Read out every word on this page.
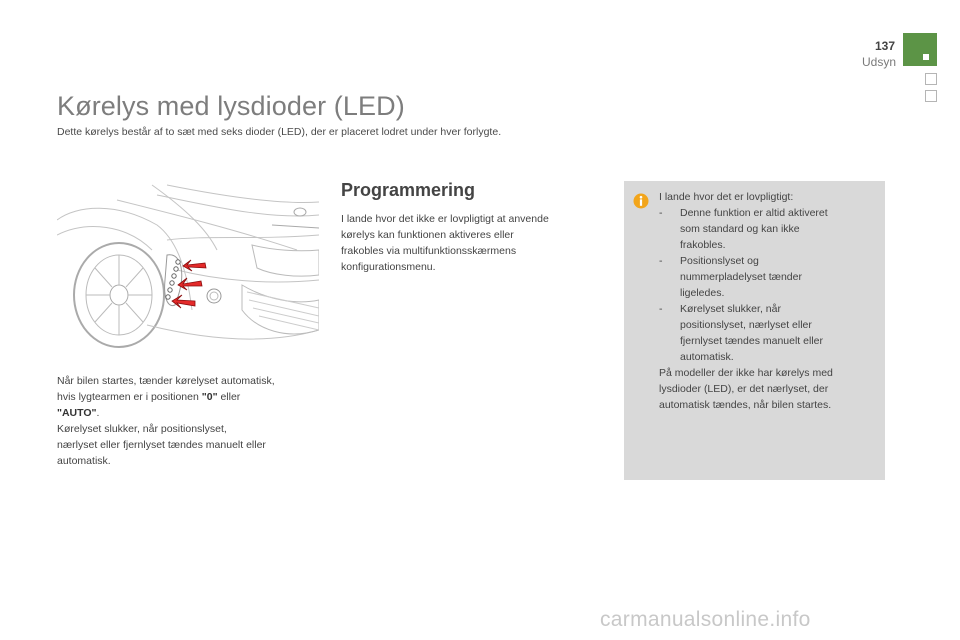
137
Udsyn
Kørelys med lysdioder (LED)
Dette kørelys består af to sæt med seks dioder (LED), der er placeret lodret under hver forlygte.
Når bilen startes, tænder kørelyset automatisk,
hvis lygtearmen er i positionen "0" eller
"AUTO".
Kørelyset slukker, når positionslyset,
nærlyset eller fjernlyset tændes manuelt eller
automatisk.
Programmering
I lande hvor det ikke er lovpligtigt at anvende
kørelys kan funktionen aktiveres eller
frakobles via multifunktionsskærmens
konfigurationsmenu.
I lande hvor det er lovpligtigt:
-	Denne funktion er altid aktiveret
som standard og kan ikke
frakobles.
-	Positionslyset og
nummerpladelyset tænder
ligeledes.
-	Kørelyset slukker, når
positionslyset, nærlyset eller
fjernlyset tændes manuelt eller
automatisk.
På modeller der ikke har kørelys med
lysdioder (LED), er det nærlyset, der
automatisk tændes, når bilen startes.
carmanualsonline.info
